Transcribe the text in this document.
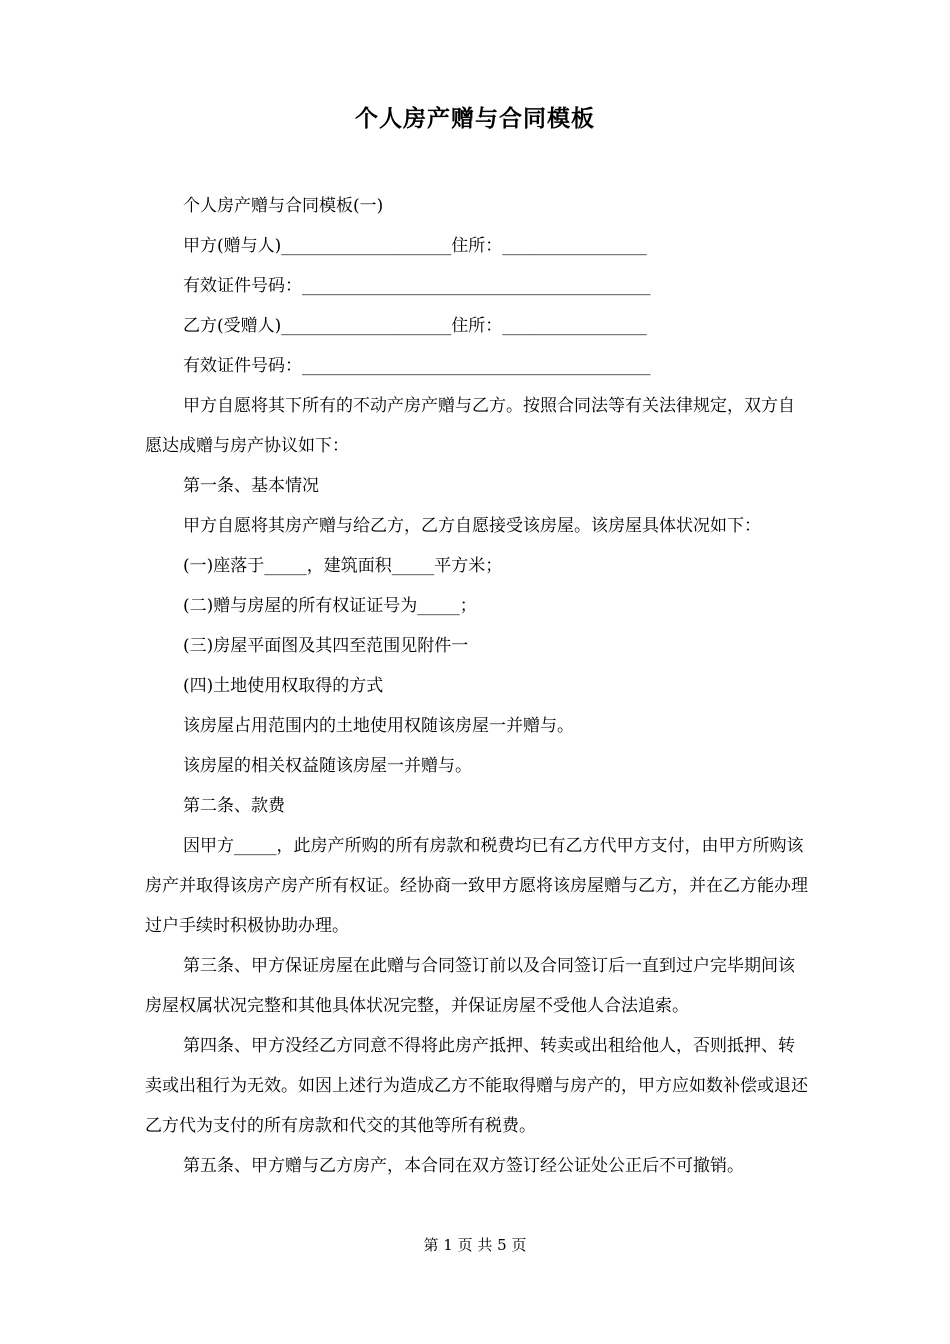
个人房产赠与合同模板

个人房产赠与合同模板(一)

甲方(赠与人)____________________住所：_________________

有效证件号码：_________________________________________

乙方(受赠人)____________________住所：_________________

有效证件号码：_________________________________________

甲方自愿将其下所有的不动产房产赠与乙方。按照合同法等有关法律规定，双方自愿达成赠与房产协议如下：

第一条、基本情况

甲方自愿将其房产赠与给乙方，乙方自愿接受该房屋。该房屋具体状况如下：

(一)座落于_____，建筑面积_____平方米；

(二)赠与房屋的所有权证证号为_____；

(三)房屋平面图及其四至范围见附件一

(四)土地使用权取得的方式

该房屋占用范围内的土地使用权随该房屋一并赠与。

该房屋的相关权益随该房屋一并赠与。

第二条、款费

因甲方_____，此房产所购的所有房款和税费均已有乙方代甲方支付，由甲方所购该房产并取得该房产房产所有权证。经协商一致甲方愿将该房屋赠与乙方，并在乙方能办理过户手续时积极协助办理。

第三条、甲方保证房屋在此赠与合同签订前以及合同签订后一直到过户完毕期间该房屋权属状况完整和其他具体状况完整，并保证房屋不受他人合法追索。

第四条、甲方没经乙方同意不得将此房产抵押、转卖或出租给他人，否则抵押、转卖或出租行为无效。如因上述行为造成乙方不能取得赠与房产的，甲方应如数补偿或退还乙方代为支付的所有房款和代交的其他等所有税费。

第五条、甲方赠与乙方房产，本合同在双方签订经公证处公正后不可撤销。

第 1 页 共 5 页
